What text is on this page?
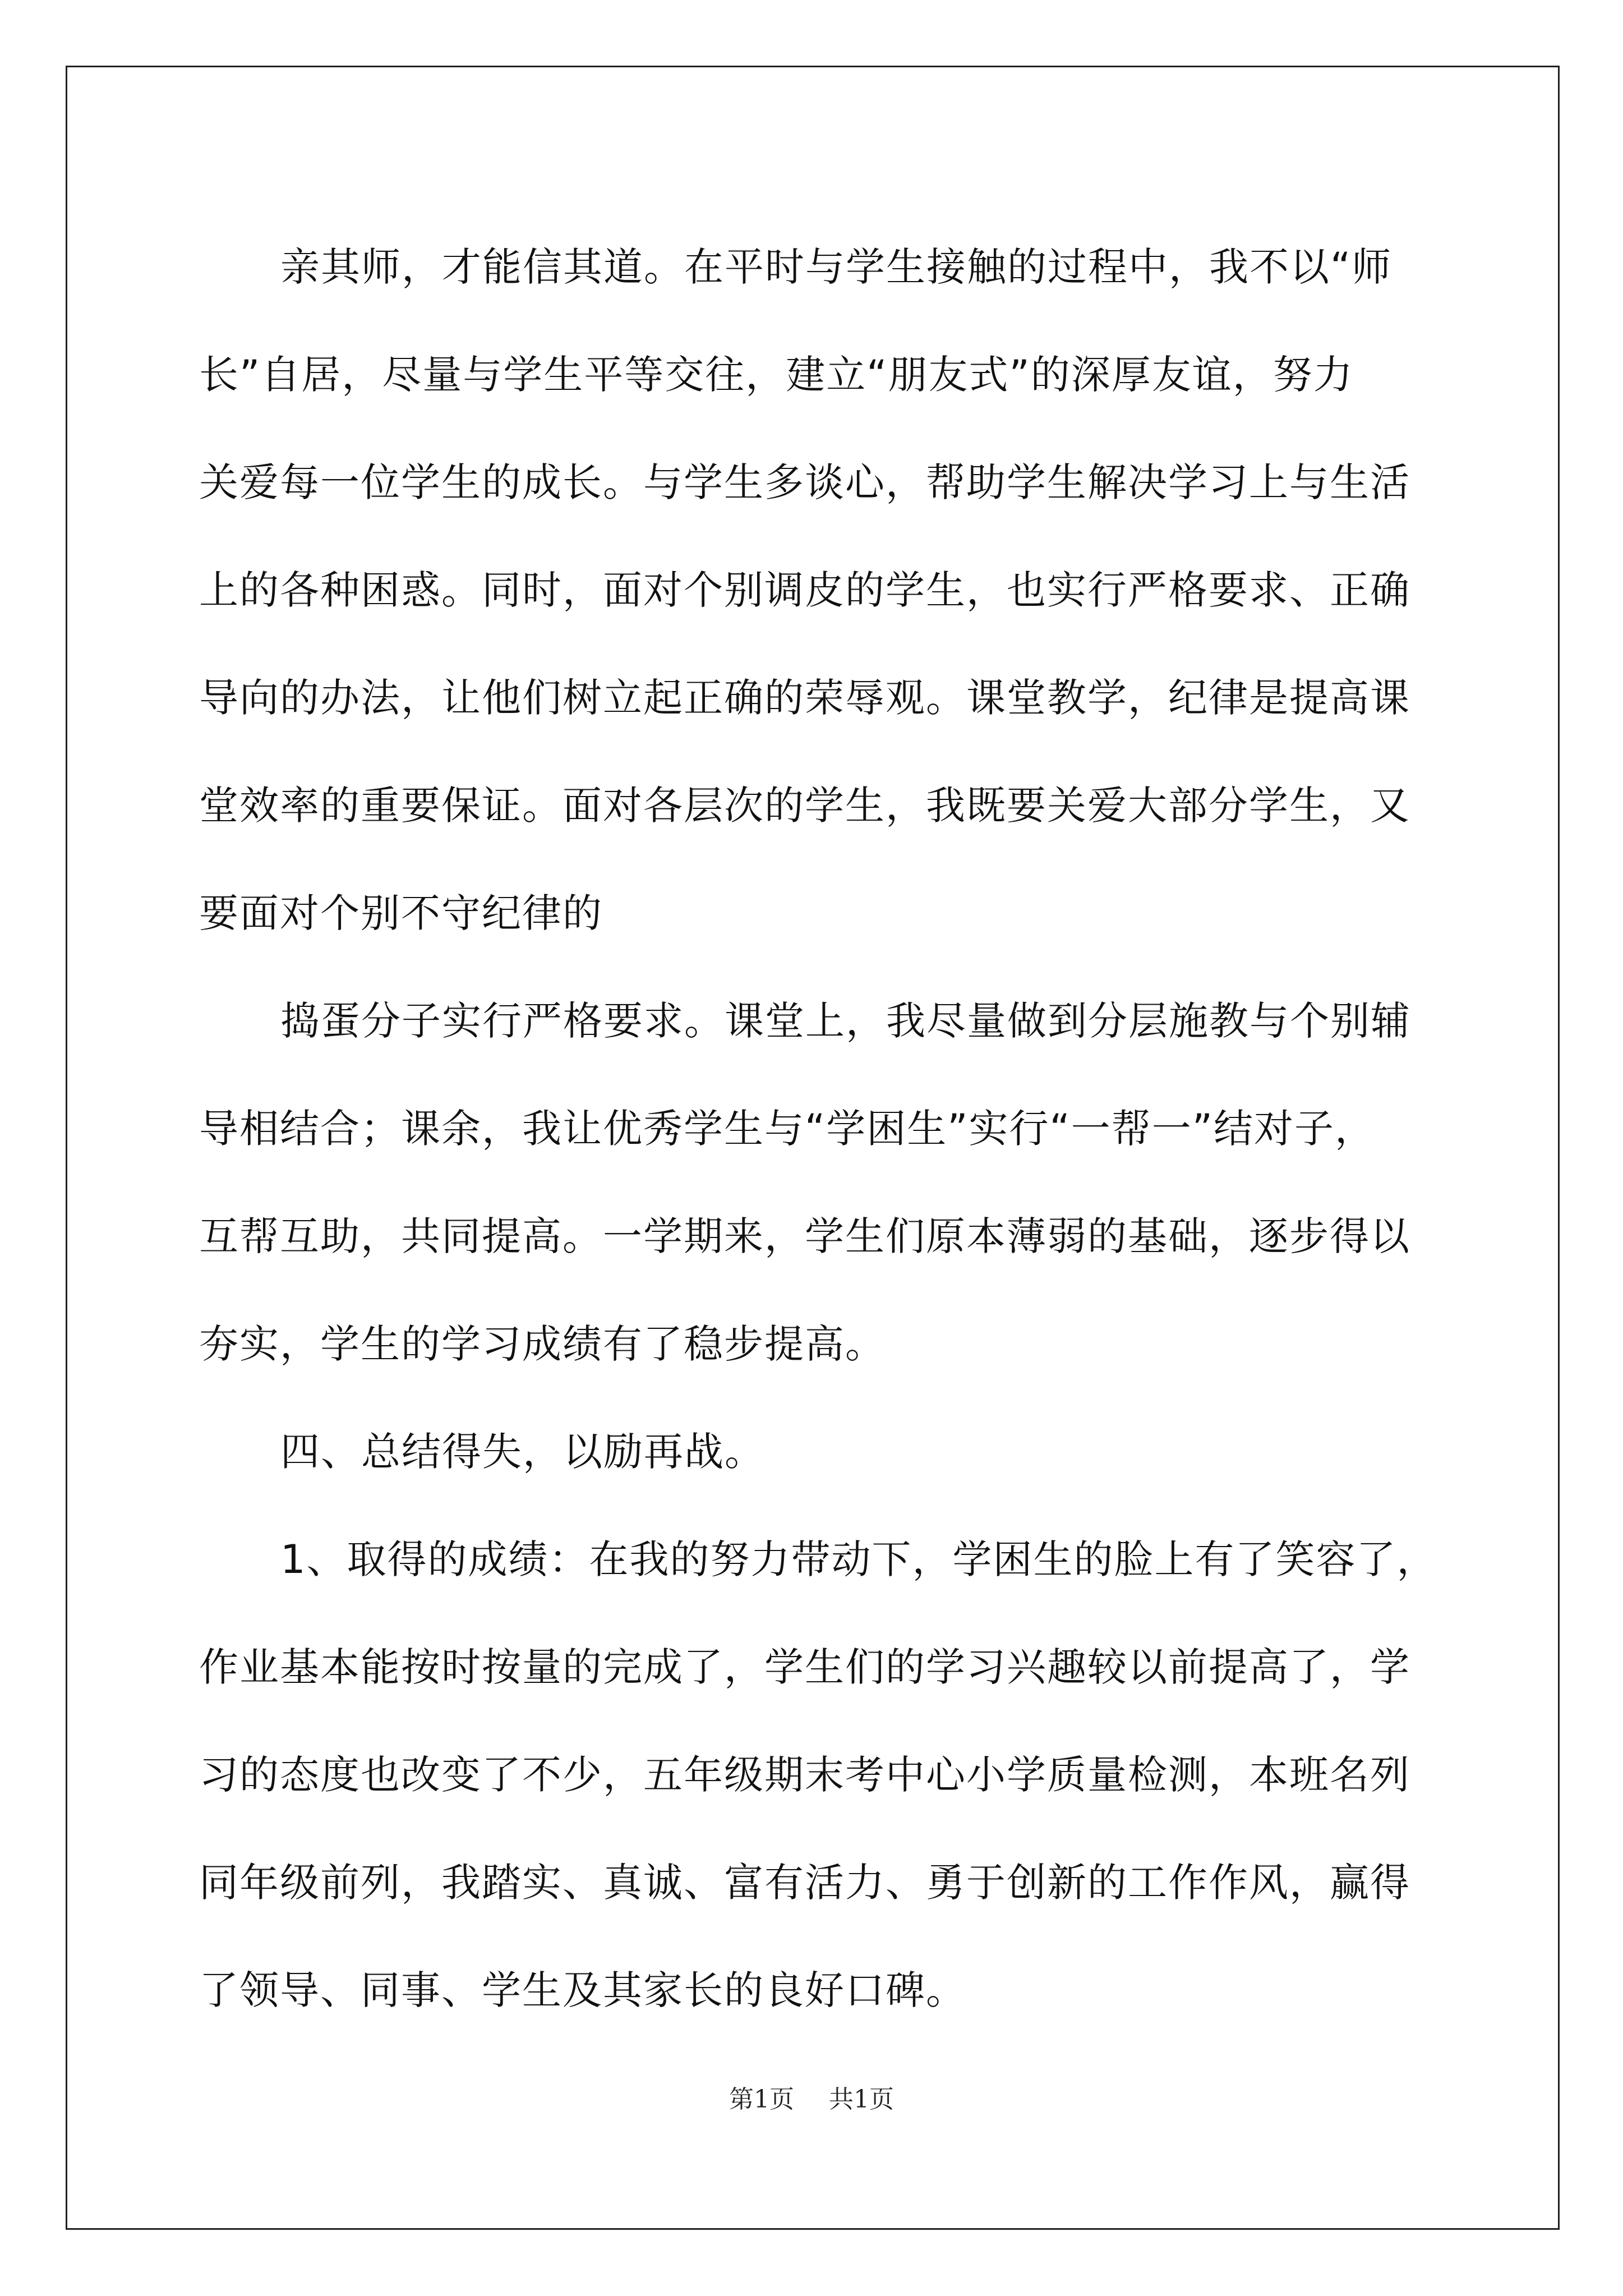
亲其师，才能信其道。在平时与学生接触的过程中，我不以“师
长”自居，尽量与学生平等交往，建立“朋友式”的深厚友谊，努力
关爱每一位学生的成长。与学生多谈心，帮助学生解决学习上与生活
上的各种困惑。同时，面对个别调皮的学生，也实行严格要求、正确
导向的办法，让他们树立起正确的荣辱观。课堂教学，纪律是提高课
堂效率的重要保证。面对各层次的学生，我既要关爱大部分学生，又
要面对个别不守纪律的

捣蛋分子实行严格要求。课堂上，我尽量做到分层施教与个别辅
导相结合；课余，我让优秀学生与“学困生”实行“一帮一”结对子，
互帮互助，共同提高。一学期来，学生们原本薄弱的基础，逐步得以
夯实，学生的学习成绩有了稳步提高。

四、总结得失，以励再战。

1、取得的成绩：在我的努力带动下，学困生的脸上有了笑容了，
作业基本能按时按量的完成了，学生们的学习兴趣较以前提高了，学
习的态度也改变了不少，五年级期末考中心小学质量检测，本班名列
同年级前列，我踏实、真诚、富有活力、勇于创新的工作作风，赢得
了领导、同事、学生及其家长的良好口碑。

第1页 共1页
